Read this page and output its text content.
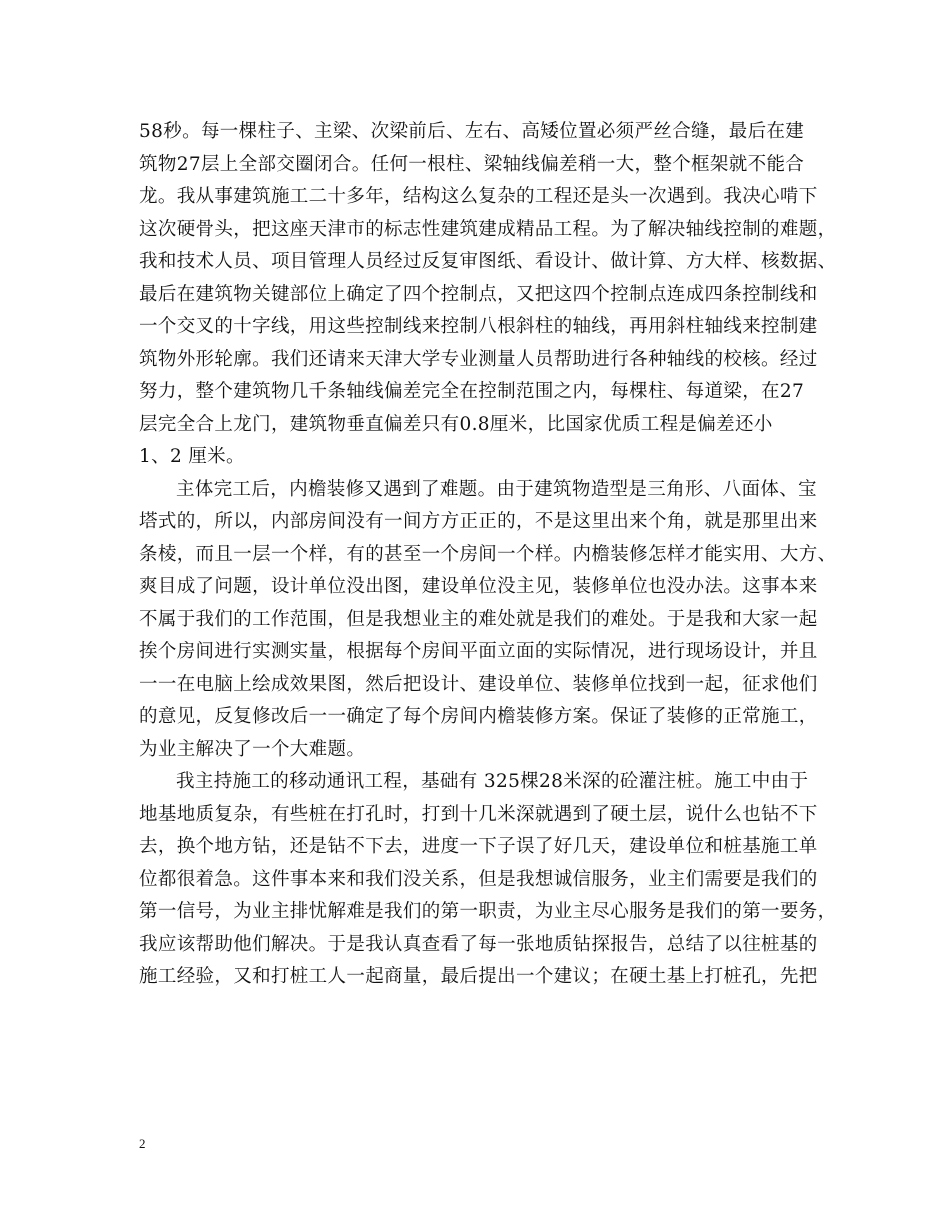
58秒。每一棵柱子、主梁、次梁前后、左右、高矮位置必须严丝合缝，最后在建
筑物27层上全部交圈闭合。任何一根柱、梁轴线偏差稍一大，整个框架就不能合
龙。我从事建筑施工二十多年，结构这么复杂的工程还是头一次遇到。我决心啃下
这次硬骨头，把这座天津市的标志性建筑建成精品工程。为了解决轴线控制的难题，
我和技术人员、项目管理人员经过反复审图纸、看设计、做计算、方大样、核数据、
最后在建筑物关键部位上确定了四个控制点，又把这四个控制点连成四条控制线和
一个交叉的十字线，用这些控制线来控制八根斜柱的轴线，再用斜柱轴线来控制建
筑物外形轮廓。我们还请来天津大学专业测量人员帮助进行各种轴线的校核。经过
努力，整个建筑物几千条轴线偏差完全在控制范围之内，每棵柱、每道梁，在27
层完全合上龙门，建筑物垂直偏差只有0.8厘米，比国家优质工程是偏差还小
1、2 厘米。
主体完工后，内檐装修又遇到了难题。由于建筑物造型是三角形、八面体、宝
塔式的，所以，内部房间没有一间方方正正的，不是这里出来个角，就是那里出来
条棱，而且一层一个样，有的甚至一个房间一个样。内檐装修怎样才能实用、大方、
爽目成了问题，设计单位没出图，建设单位没主见，装修单位也没办法。这事本来
不属于我们的工作范围，但是我想业主的难处就是我们的难处。于是我和大家一起
挨个房间进行实测实量，根据每个房间平面立面的实际情况，进行现场设计，并且
一一在电脑上绘成效果图，然后把设计、建设单位、装修单位找到一起，征求他们
的意见，反复修改后一一确定了每个房间内檐装修方案。保证了装修的正常施工，
为业主解决了一个大难题。
我主持施工的移动通讯工程，基础有 325棵28米深的砼灌注桩。施工中由于
地基地质复杂，有些桩在打孔时，打到十几米深就遇到了硬土层，说什么也钻不下
去，换个地方钻，还是钻不下去，进度一下子误了好几天，建设单位和桩基施工单
位都很着急。这件事本来和我们没关系，但是我想诚信服务，业主们需要是我们的
第一信号，为业主排忧解难是我们的第一职责，为业主尽心服务是我们的第一要务，
我应该帮助他们解决。于是我认真查看了每一张地质钻探报告，总结了以往桩基的
施工经验，又和打桩工人一起商量，最后提出一个建议；在硬土基上打桩孔，先把
2
